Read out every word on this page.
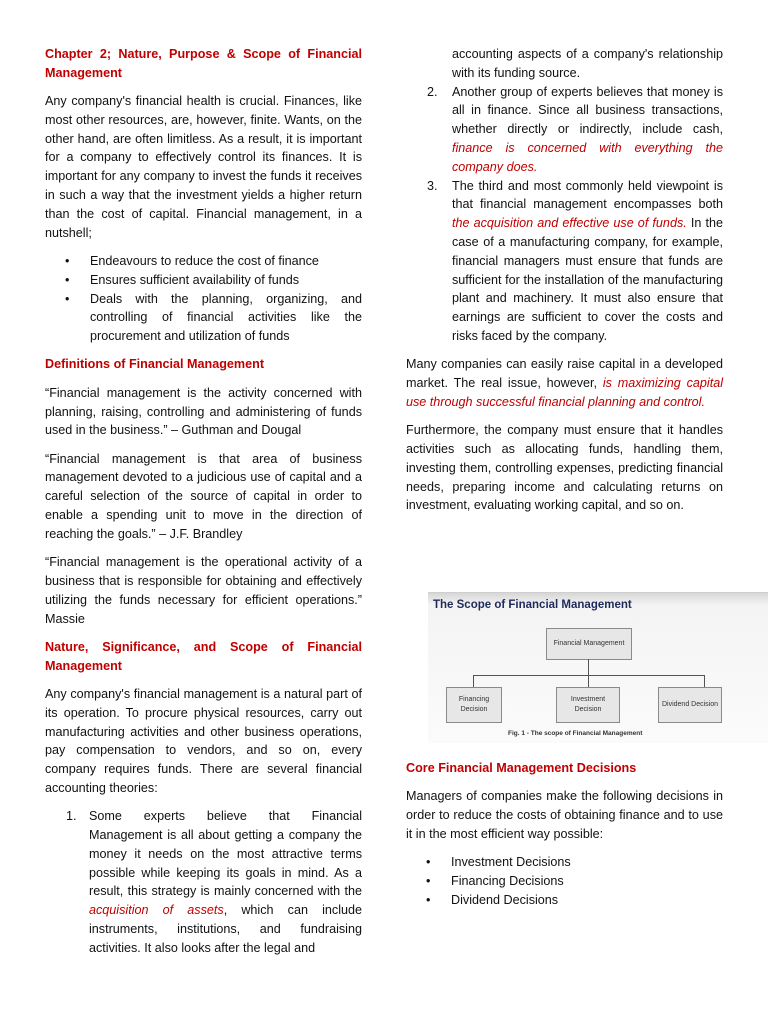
Chapter 2; Nature, Purpose & Scope of Financial Management

Any company's financial health is crucial. Finances, like most other resources, are, however, finite. Wants, on the other hand, are often limitless. As a result, it is important for a company to effectively control its finances. It is important for any company to invest the funds it receives in such a way that the investment yields a higher return than the cost of capital. Financial management, in a nutshell;

• Endeavours to reduce the cost of finance
• Ensures sufficient availability of funds
• Deals with the planning, organizing, and controlling of financial activities like the procurement and utilization of funds
Definitions of Financial Management

“Financial management is the activity concerned with planning, raising, controlling and administering of funds used in the business.” – Guthman and Dougal

“Financial management is that area of business management devoted to a judicious use of capital and a careful selection of the source of capital in order to enable a spending unit to move in the direction of reaching the goals.” – J.F. Brandley

“Financial management is the operational activity of a business that is responsible for obtaining and effectively utilizing the funds necessary for efficient operations.” Massie

Nature, Significance, and Scope of Financial Management

Any company's financial management is a natural part of its operation. To procure physical resources, carry out manufacturing activities and other business operations, pay compensation to vendors, and so on, every company requires funds. There are several financial accounting theories:

1. Some experts believe that Financial Management is all about getting a company the money it needs on the most attractive terms possible while keeping its goals in mind. As a result, this strategy is mainly concerned with the acquisition of assets, which can include instruments, institutions, and fundraising activities. It also looks after the legal and
accounting aspects of a company's relationship with its funding source.
2. Another group of experts believes that money is all in finance. Since all business transactions, whether directly or indirectly, include cash, finance is concerned with everything the company does.
3. The third and most commonly held viewpoint is that financial management encompasses both the acquisition and effective use of funds. In the case of a manufacturing company, for example, financial managers must ensure that funds are sufficient for the installation of the manufacturing plant and machinery. It must also ensure that earnings are sufficient to cover the costs and risks faced by the company.

Many companies can easily raise capital in a developed market. The real issue, however, is maximizing capital use through successful financial planning and control.

Furthermore, the company must ensure that it handles activities such as allocating funds, handling them, investing them, controlling expenses, predicting financial needs, preparing income and calculating returns on investment, evaluating working capital, and so on.

The Scope of Financial Management
Financial Management
Financing Decision
Investment Decision
Dividend Decision
Fig. 1 - The scope of Financial Management
Core Financial Management Decisions

Managers of companies make the following decisions in order to reduce the costs of obtaining finance and to use it in the most efficient way possible:

• Investment Decisions
• Financing Decisions
• Dividend Decisions
